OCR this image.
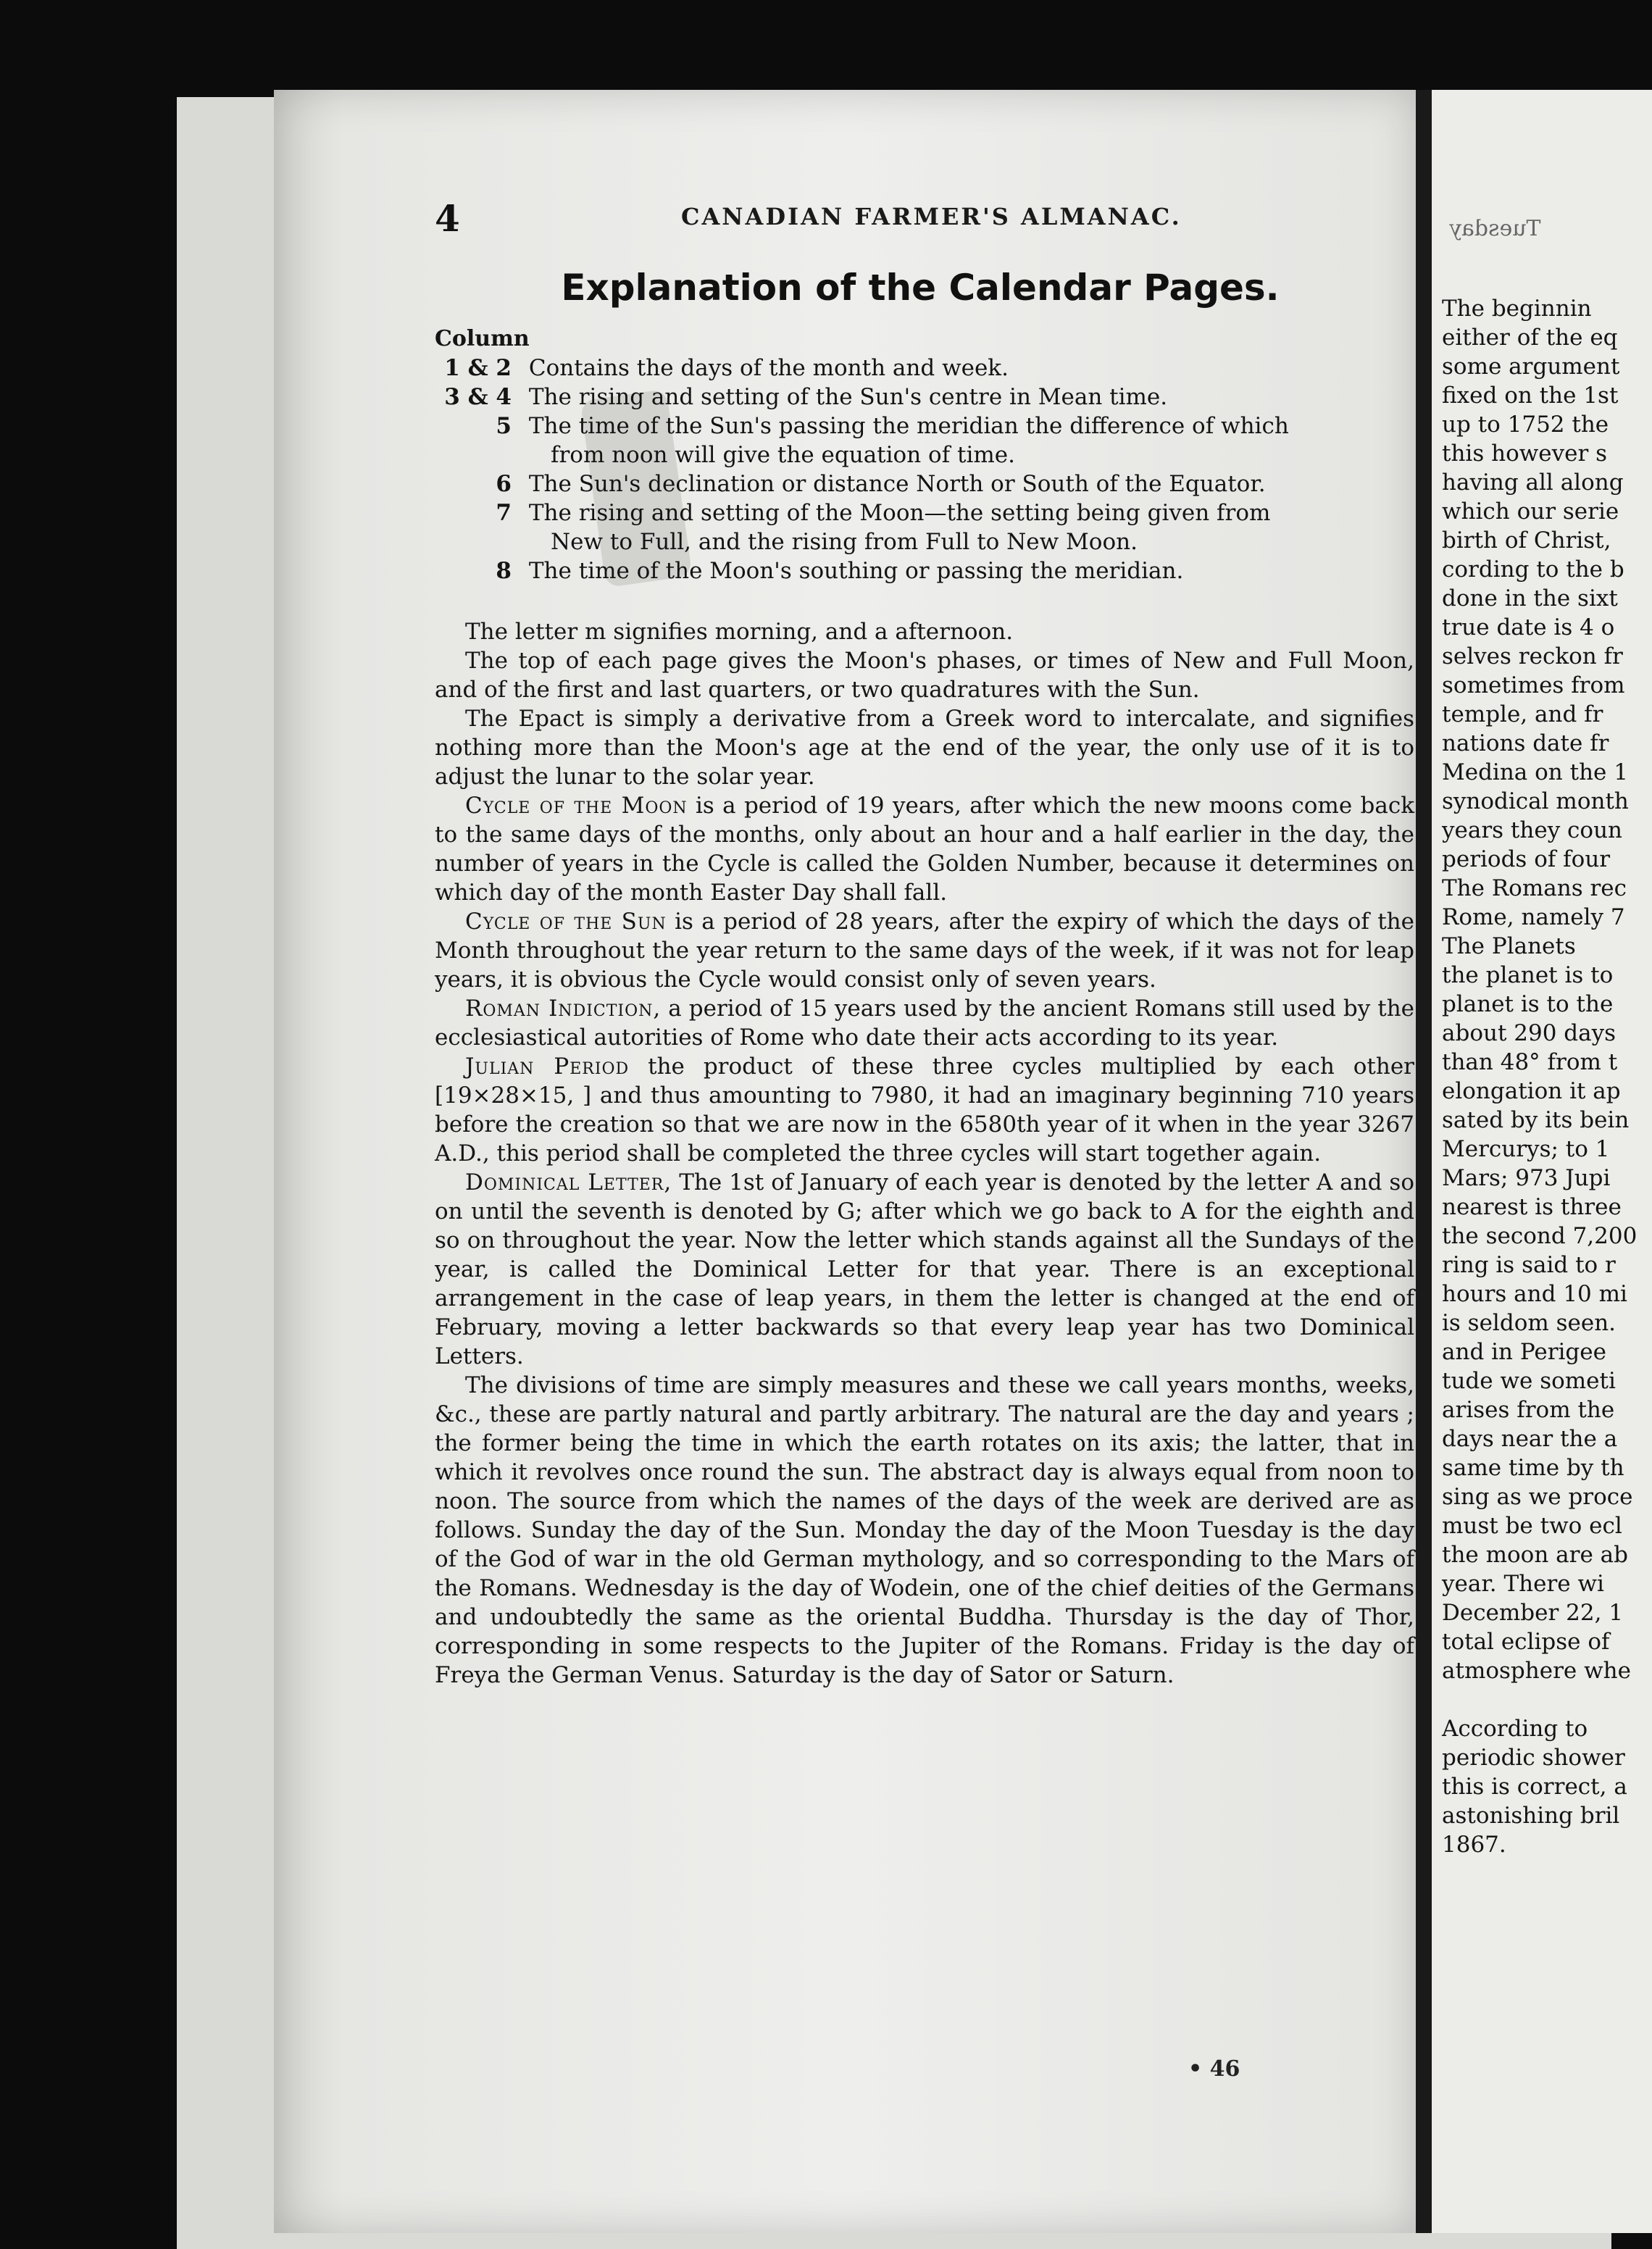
4	CANADIAN FARMER'S ALMANAC.
Explanation of the Calendar Pages.
Column
1 & 2 Contains the days of the month and week.
3 & 4 The rising and setting of the Sun's centre in Mean time.
5 The time of the Sun's passing the meridian the difference of which
from noon will give the equation of time.
6 The Sun's declination or distance North or South of the Equator.
7 The rising and setting of the Moon—the setting being given from
New to Full, and the rising from Full to New Moon.
8 The time of the Moon's southing or passing the meridian.

The letter m signifies morning, and a afternoon.

The top of each page gives the Moon's phases, or times of New and Full Moon, and of the first and last quarters, or two quadratures with the Sun.

The Epact is simply a derivative from a Greek word to intercalate, and signifies nothing more than the Moon's age at the end of the year, the only use of it is to adjust the lunar to the solar year.

Cycle of the Moon is a period of 19 years, after which the new moons come back to the same days of the months, only about an hour and a half earlier in the day, the number of years in the Cycle is called the Golden Number, because it determines on which day of the month Easter Day shall fall.

Cycle of the Sun is a period of 28 years, after the expiry of which the days of the Month throughout the year return to the same days of the week, if it was not for leap years, it is obvious the Cycle would consist only of seven years.

Roman Indiction, a period of 15 years used by the ancient Romans still used by the ecclesiastical autorities of Rome who date their acts according to its year.

Julian Period the product of these three cycles multiplied by each other [19×28×15, ] and thus amounting to 7980, it had an imaginary beginning 710 years before the creation so that we are now in the 6580th year of it when in the year 3267 A.D., this period shall be completed the three cycles will start together again.

Dominical Letter, The 1st of January of each year is denoted by the letter A and so on until the seventh is denoted by G; after which we go back to A for the eighth and so on throughout the year. Now the letter which stands against all the Sundays of the year, is called the Dominical Letter for that year. There is an exceptional arrangement in the case of leap years, in them the letter is changed at the end of February, moving a letter backwards so that every leap year has two Dominical Letters.

The divisions of time are simply measures and these we call years months, weeks, &c., these are partly natural and partly arbitrary. The natural are the day and years ; the former being the time in which the earth rotates on its axis; the latter, that in which it revolves once round the sun. The abstract day is always equal from noon to noon. The source from which the names of the days of the week are derived are as follows. Sunday the day of the Sun. Monday the day of the Moon Tuesday is the day of the God of war in the old German mythology, and so corresponding to the Mars of the Romans. Wednesday is the day of Wodein, one of the chief deities of the Germans and undoubtedly the same as the oriental Buddha. Thursday is the day of Thor, corresponding in some respects to the Jupiter of the Romans. Friday is the day of Freya the German Venus. Saturday is the day of Sator or Saturn.

• 46
Tuesday
The beginnin
either of the eq
some argument
fixed on the 1st
up to 1752 the
this however s
having all along
which our serie
birth of Christ,
cording to the b
done in the sixt
true date is 4 o
selves reckon fr
sometimes from
temple, and fr
nations date fr
Medina on the 1
synodical month
years they coun
periods of four
The Romans rec
Rome, namely 7
The Planets
the planet is to
planet is to the
about 290 days
than 48° from t
elongation it ap
sated by its bein
Mercurys; to 1
Mars; 973 Jupi
nearest is three
the second 7,200
ring is said to r
hours and 10 mi
is seldom seen.
and in Perigee
tude we someti
arises from the
days near the a
same time by th
sing as we proce
must be two ecl
the moon are ab
year. There wi
December 22, 1
total eclipse of
atmosphere whe

According to
periodic shower
this is correct, a
astonishing bril
1867.
